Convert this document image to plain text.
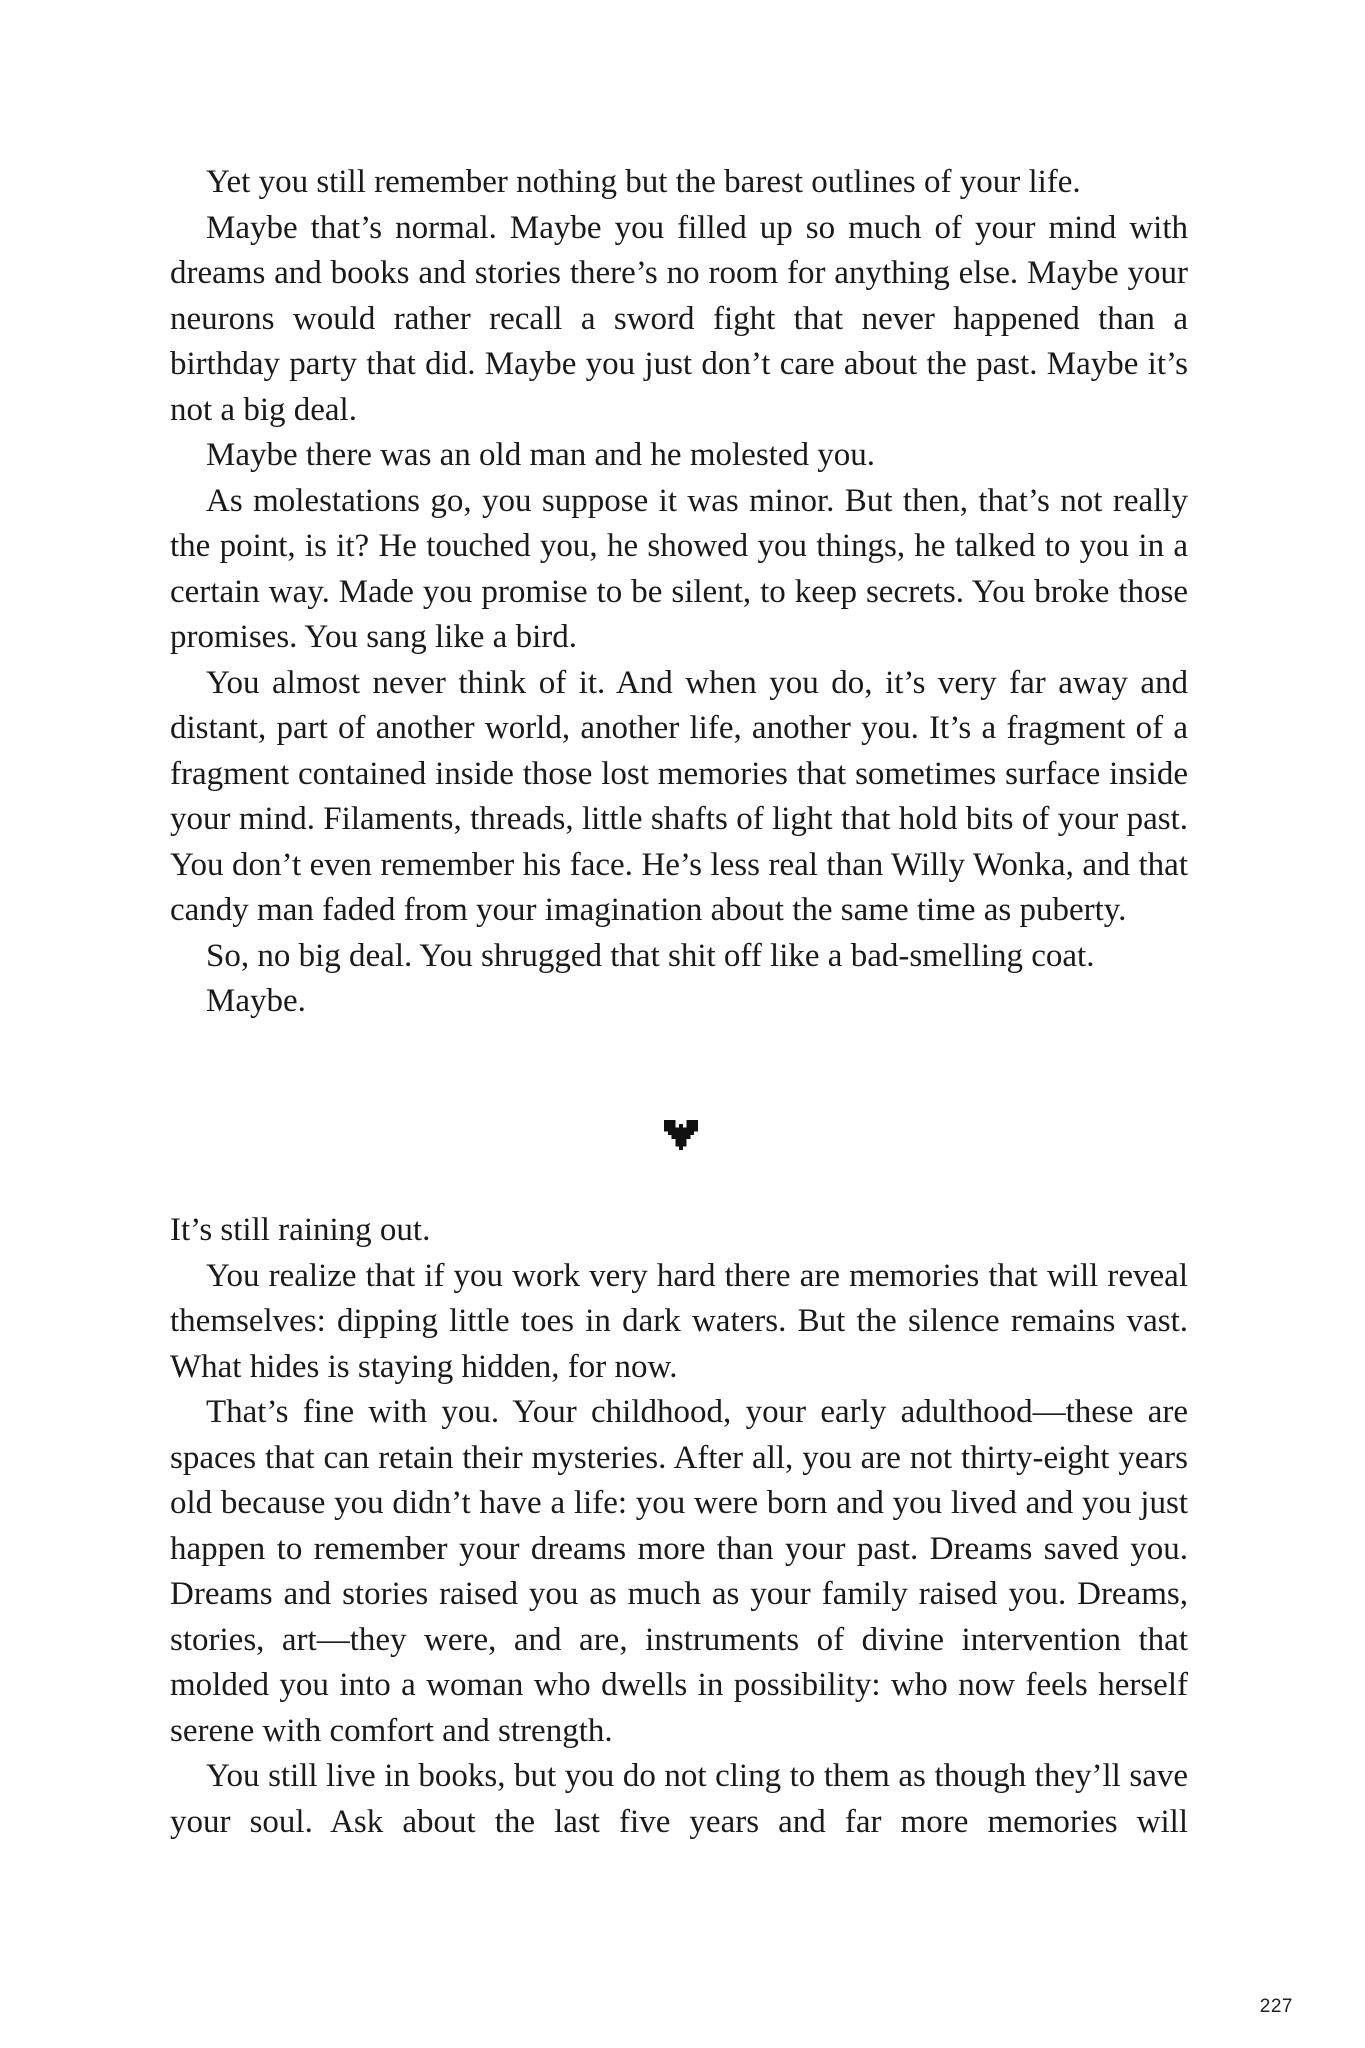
Yet you still remember nothing but the barest outlines of your life.

Maybe that’s normal. Maybe you filled up so much of your mind with dreams and books and stories there’s no room for anything else. Maybe your neurons would rather recall a sword fight that never happened than a birthday party that did. Maybe you just don’t care about the past. Maybe it’s not a big deal.

Maybe there was an old man and he molested you.

As molestations go, you suppose it was minor. But then, that’s not really the point, is it? He touched you, he showed you things, he talked to you in a certain way. Made you promise to be silent, to keep secrets. You broke those promises. You sang like a bird.

You almost never think of it. And when you do, it’s very far away and distant, part of another world, another life, another you. It’s a fragment of a fragment contained inside those lost memories that sometimes surface inside your mind. Filaments, threads, little shafts of light that hold bits of your past. You don’t even remember his face. He’s less real than Willy Wonka, and that candy man faded from your imagination about the same time as puberty.

So, no big deal. You shrugged that shit off like a bad-smelling coat.

Maybe.

It’s still raining out.

You realize that if you work very hard there are memories that will reveal themselves: dipping little toes in dark waters. But the silence remains vast. What hides is staying hidden, for now.

That’s fine with you. Your childhood, your early adulthood—these are spaces that can retain their mysteries. After all, you are not thirty-eight years old because you didn’t have a life: you were born and you lived and you just happen to remember your dreams more than your past. Dreams saved you. Dreams and stories raised you as much as your family raised you. Dreams, stories, art—they were, and are, instruments of divine intervention that molded you into a woman who dwells in possibility: who now feels herself serene with comfort and strength.

You still live in books, but you do not cling to them as though they’ll save your soul. Ask about the last five years and far more memories will

227
